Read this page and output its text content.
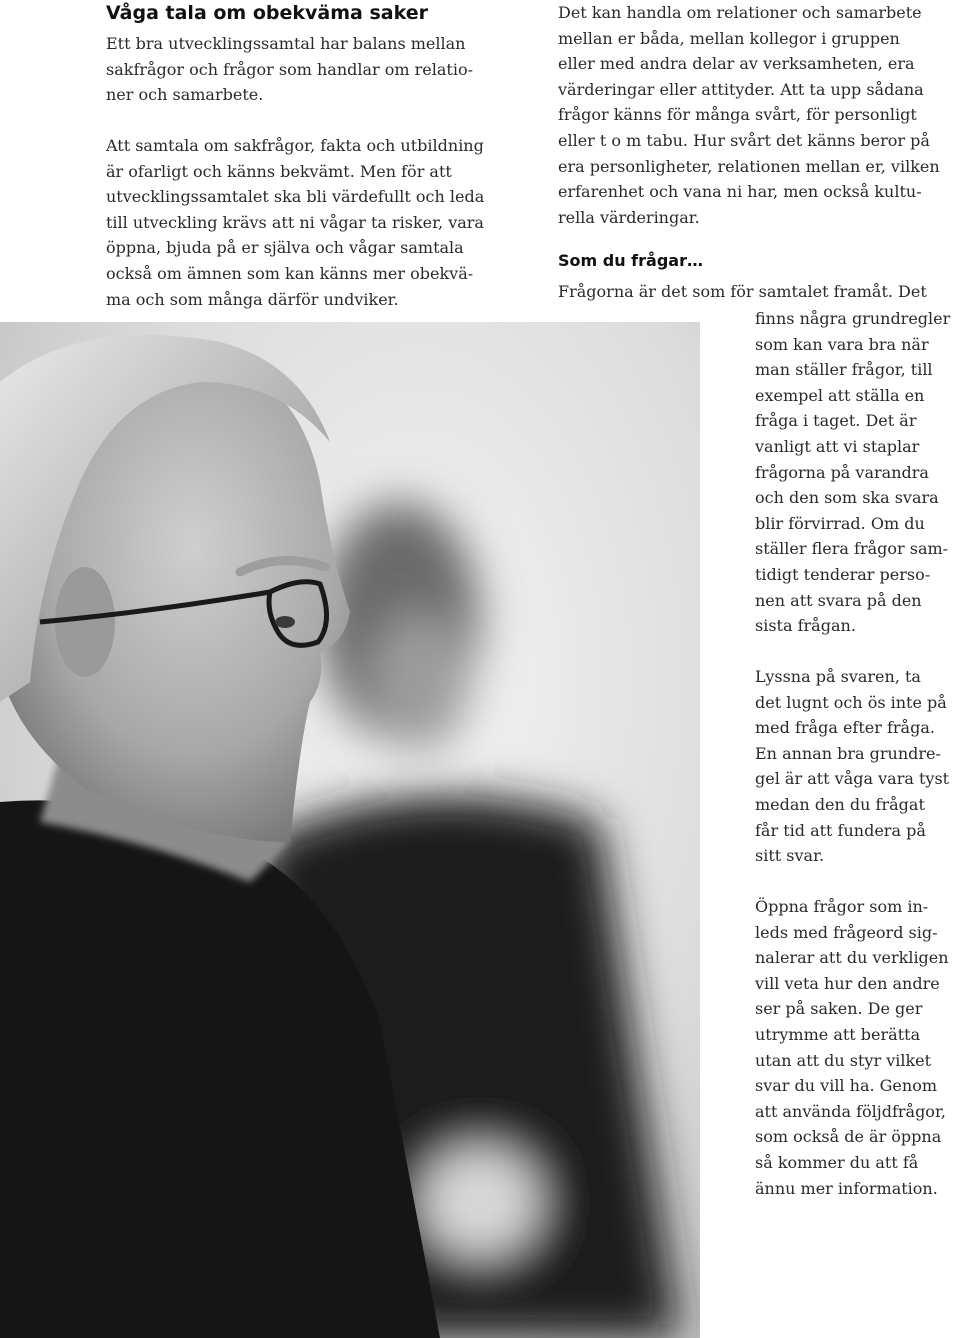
Våga tala om obekväma saker
Ett bra utvecklingssamtal har balans mellan
sakfrågor och frågor som handlar om relatio-
ner och samarbete.
Att samtala om sakfrågor, fakta och utbildning
är ofarligt och känns bekvämt. Men för att
utvecklingssamtalet ska bli värdefullt och leda
till utveckling krävs att ni vågar ta risker, vara
öppna, bjuda på er själva och vågar samtala
också om ämnen som kan känns mer obekvä-
ma och som många därför undviker.
Det kan handla om relationer och samarbete
mellan er båda, mellan kollegor i gruppen
eller med andra delar av verksamheten, era
värderingar eller attityder. Att ta upp sådana
frågor känns för många svårt, för personligt
eller t o m tabu. Hur svårt det känns beror på
era personligheter, relationen mellan er, vilken
erfarenhet och vana ni har, men också kultu-
rella värderingar.
Som du frågar…
Frågorna är det som för samtalet framåt. Det
finns några grundregler
som kan vara bra när
man ställer frågor, till
exempel att ställa en
fråga i taget. Det är
vanligt att vi staplar
frågorna på varandra
och den som ska svara
blir förvirrad. Om du
ställer flera frågor sam-
tidigt tenderar perso-
nen att svara på den
sista frågan.
Lyssna på svaren, ta
det lugnt och ös inte på
med fråga efter fråga.
En annan bra grundre-
gel är att våga vara tyst
medan den du frågat
får tid att fundera på
sitt svar.
Öppna frågor som in-
leds med frågeord sig-
nalerar att du verkligen
vill veta hur den andre
ser på saken. De ger
utrymme att berätta
utan att du styr vilket
svar du vill ha. Genom
att använda följdfrågor,
som också de är öppna
så kommer du att få
ännu mer information.
